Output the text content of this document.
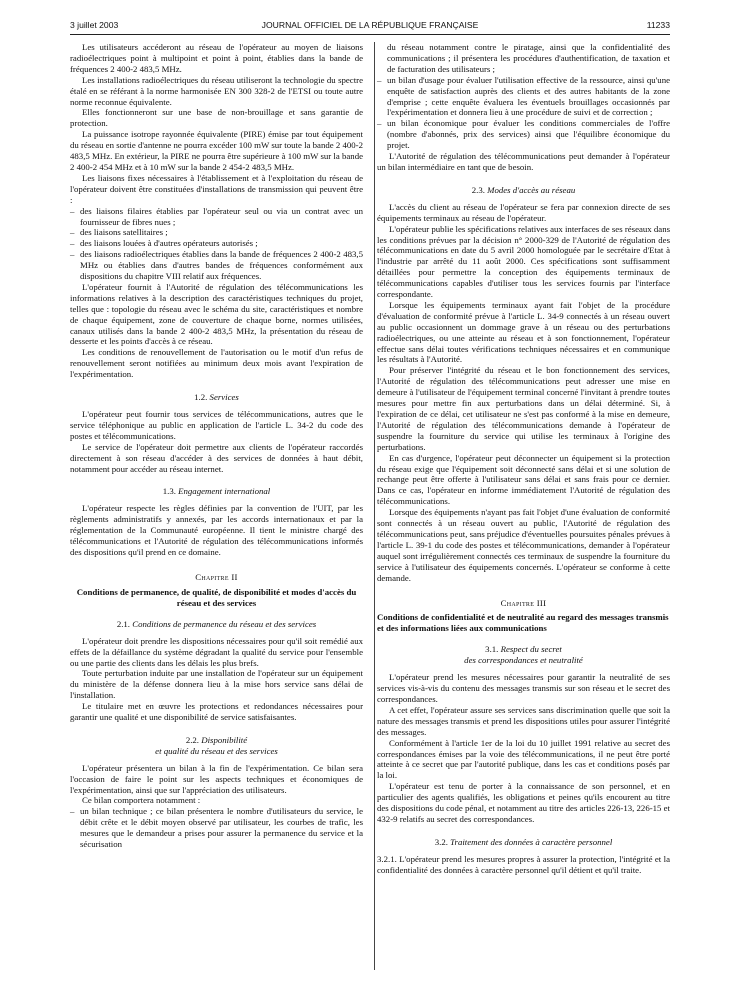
3 juillet 2003	JOURNAL OFFICIEL DE LA RÉPUBLIQUE FRANÇAISE	11233

Les utilisateurs accéderont au réseau de l'opérateur au moyen de liaisons radioélectriques point à multipoint et point à point, établies dans la bande de fréquences 2 400-2 483,5 MHz.

Les installations radioélectriques du réseau utiliseront la technologie du spectre étalé en se référant à la norme harmonisée EN 300 328-2 de l'ETSI ou toute autre norme reconnue équivalente.

Elles fonctionneront sur une base de non-brouillage et sans garantie de protection.

La puissance isotrope rayonnée équivalente (PIRE) émise par tout équipement du réseau en sortie d'antenne ne pourra excéder 100 mW sur toute la bande 2 400-2 483,5 MHz. En extérieur, la PIRE ne pourra être supérieure à 100 mW sur la bande 2 400-2 454 MHz et à 10 mW sur la bande 2 454-2 483,5 MHz.

Les liaisons fixes nécessaires à l'établissement et à l'exploitation du réseau de l'opérateur doivent être constituées d'installations de transmission qui peuvent être :

– des liaisons filaires établies par l'opérateur seul ou via un contrat avec un fournisseur de fibres nues ;
– des liaisons satellitaires ;
– des liaisons louées à d'autres opérateurs autorisés ;
– des liaisons radioélectriques établies dans la bande de fréquences 2 400-2 483,5 MHz ou établies dans d'autres bandes de fréquences conformément aux dispositions du chapitre VIII relatif aux fréquences.

L'opérateur fournit à l'Autorité de régulation des télécommunications les informations relatives à la description des caractéristiques techniques du projet, telles que : topologie du réseau avec le schéma du site, caractéristiques et nombre de chaque équipement, zone de couverture de chaque borne, normes utilisées, canaux utilisés dans la bande 2 400-2 483,5 MHz, la présentation du réseau de desserte et les points d'accès à ce réseau.

Les conditions de renouvellement de l'autorisation ou le motif d'un refus de renouvellement seront notifiées au minimum deux mois avant l'expiration de l'expérimentation.

1.2. Services

L'opérateur peut fournir tous services de télécommunications, autres que le service téléphonique au public en application de l'article L. 34-2 du code des postes et télécommunications.

Le service de l'opérateur doit permettre aux clients de l'opérateur raccordés directement à son réseau d'accéder à des services de données à haut débit, notamment pour accéder au réseau internet.

1.3. Engagement international

L'opérateur respecte les règles définies par la convention de l'UIT, par les règlements administratifs y annexés, par les accords internationaux et par la réglementation de la Communauté européenne. Il tient le ministre chargé des télécommunications et l'Autorité de régulation des télécommunications informés des dispositions qu'il prend en ce domaine.

Chapitre II
Conditions de permanence, de qualité, de disponibilité et modes d'accès du réseau et des services
2.1. Conditions de permanence du réseau et des services

L'opérateur doit prendre les dispositions nécessaires pour qu'il soit remédié aux effets de la défaillance du système dégradant la qualité du service pour l'ensemble ou une partie des clients dans les délais les plus brefs.

Toute perturbation induite par une installation de l'opérateur sur un équipement du ministère de la défense donnera lieu à la mise hors service sans délai de l'installation.

Le titulaire met en œuvre les protections et redondances nécessaires pour garantir une qualité et une disponibilité de service satisfaisantes.

2.2. Disponibilité
et qualité du réseau et des services

L'opérateur présentera un bilan à la fin de l'expérimentation. Ce bilan sera l'occasion de faire le point sur les aspects techniques et économiques de l'expérimentation, ainsi que sur l'appréciation des utilisateurs.

Ce bilan comportera notamment :

– un bilan technique ; ce bilan présentera le nombre d'utilisateurs du service, le débit crête et le débit moyen observé par utilisateur, les courbes de trafic, les mesures que le demandeur a prises pour assurer la permanence du service et la sécurisation

du réseau notamment contre le piratage, ainsi que la confidentialité des communications ; il présentera les procédures d'authentification, de taxation et de facturation des utilisateurs ;

– un bilan d'usage pour évaluer l'utilisation effective de la ressource, ainsi qu'une enquête de satisfaction auprès des clients et des autres habitants de la zone d'emprise ; cette enquête évaluera les éventuels brouillages occasionnés par l'expérimentation et donnera lieu à une procédure de suivi et de correction ;
– un bilan économique pour évaluer les conditions commerciales de l'offre (nombre d'abonnés, prix des services) ainsi que l'équilibre économique du projet.

L'Autorité de régulation des télécommunications peut demander à l'opérateur un bilan intermédiaire en tant que de besoin.

2.3. Modes d'accès au réseau

L'accès du client au réseau de l'opérateur se fera par connexion directe de ses équipements terminaux au réseau de l'opérateur.

L'opérateur publie les spécifications relatives aux interfaces de ses réseaux dans les conditions prévues par la décision n° 2000-329 de l'Autorité de régulation des télécommunications en date du 5 avril 2000 homologuée par le secrétaire d'Etat à l'industrie par arrêté du 11 août 2000. Ces spécifications sont suffisamment détaillées pour permettre la conception des équipements terminaux de télécommunications capables d'utiliser tous les services fournis par l'interface correspondante.

Lorsque les équipements terminaux ayant fait l'objet de la procédure d'évaluation de conformité prévue à l'article L. 34-9 connectés à un réseau ouvert au public occasionnent un dommage grave à un réseau ou des perturbations radioélectriques, ou une atteinte au réseau et à son fonctionnement, l'opérateur effectue sans délai toutes vérifications techniques nécessaires et en communique les résultats à l'Autorité.

Pour préserver l'intégrité du réseau et le bon fonctionnement des services, l'Autorité de régulation des télécommunications peut adresser une mise en demeure à l'utilisateur de l'équipement terminal concerné l'invitant à prendre toutes mesures pour mettre fin aux perturbations dans un délai déterminé. Si, à l'expiration de ce délai, cet utilisateur ne s'est pas conformé à la mise en demeure, l'Autorité de régulation des télécommunications demande à l'opérateur de suspendre la fourniture du service qui utilise les terminaux à l'origine des perturbations.

En cas d'urgence, l'opérateur peut déconnecter un équipement si la protection du réseau exige que l'équipement soit déconnecté sans délai et si une solution de rechange peut être offerte à l'utilisateur sans délai et sans frais pour ce dernier. Dans ce cas, l'opérateur en informe immédiatement l'Autorité de régulation des télécommunications.

Lorsque des équipements n'ayant pas fait l'objet d'une évaluation de conformité sont connectés à un réseau ouvert au public, l'Autorité de régulation des télécommunications peut, sans préjudice d'éventuelles poursuites pénales prévues à l'article L. 39-1 du code des postes et télécommunications, demander à l'opérateur auquel sont irrégulièrement connectés ces terminaux de suspendre la fourniture du service à l'utilisateur des équipements concernés. L'opérateur se conforme à cette demande.

Chapitre III
Conditions de confidentialité et de neutralité au regard des messages transmis et des informations liées aux communications
3.1. Respect du secret
des correspondances et neutralité

L'opérateur prend les mesures nécessaires pour garantir la neutralité de ses services vis-à-vis du contenu des messages transmis sur son réseau et le secret des correspondances.

A cet effet, l'opérateur assure ses services sans discrimination quelle que soit la nature des messages transmis et prend les dispositions utiles pour assurer l'intégrité des messages.

Conformément à l'article 1er de la loi du 10 juillet 1991 relative au secret des correspondances émises par la voie des télécommunications, il ne peut être porté atteinte à ce secret que par l'autorité publique, dans les cas et conditions posés par la loi.

L'opérateur est tenu de porter à la connaissance de son personnel, et en particulier des agents qualifiés, les obligations et peines qu'ils encourent au titre des dispositions du code pénal, et notamment au titre des articles 226-13, 226-15 et 432-9 relatifs au secret des correspondances.

3.2. Traitement des données à caractère personnel

3.2.1. L'opérateur prend les mesures propres à assurer la protection, l'intégrité et la confidentialité des données à caractère personnel qu'il détient et qu'il traite.
